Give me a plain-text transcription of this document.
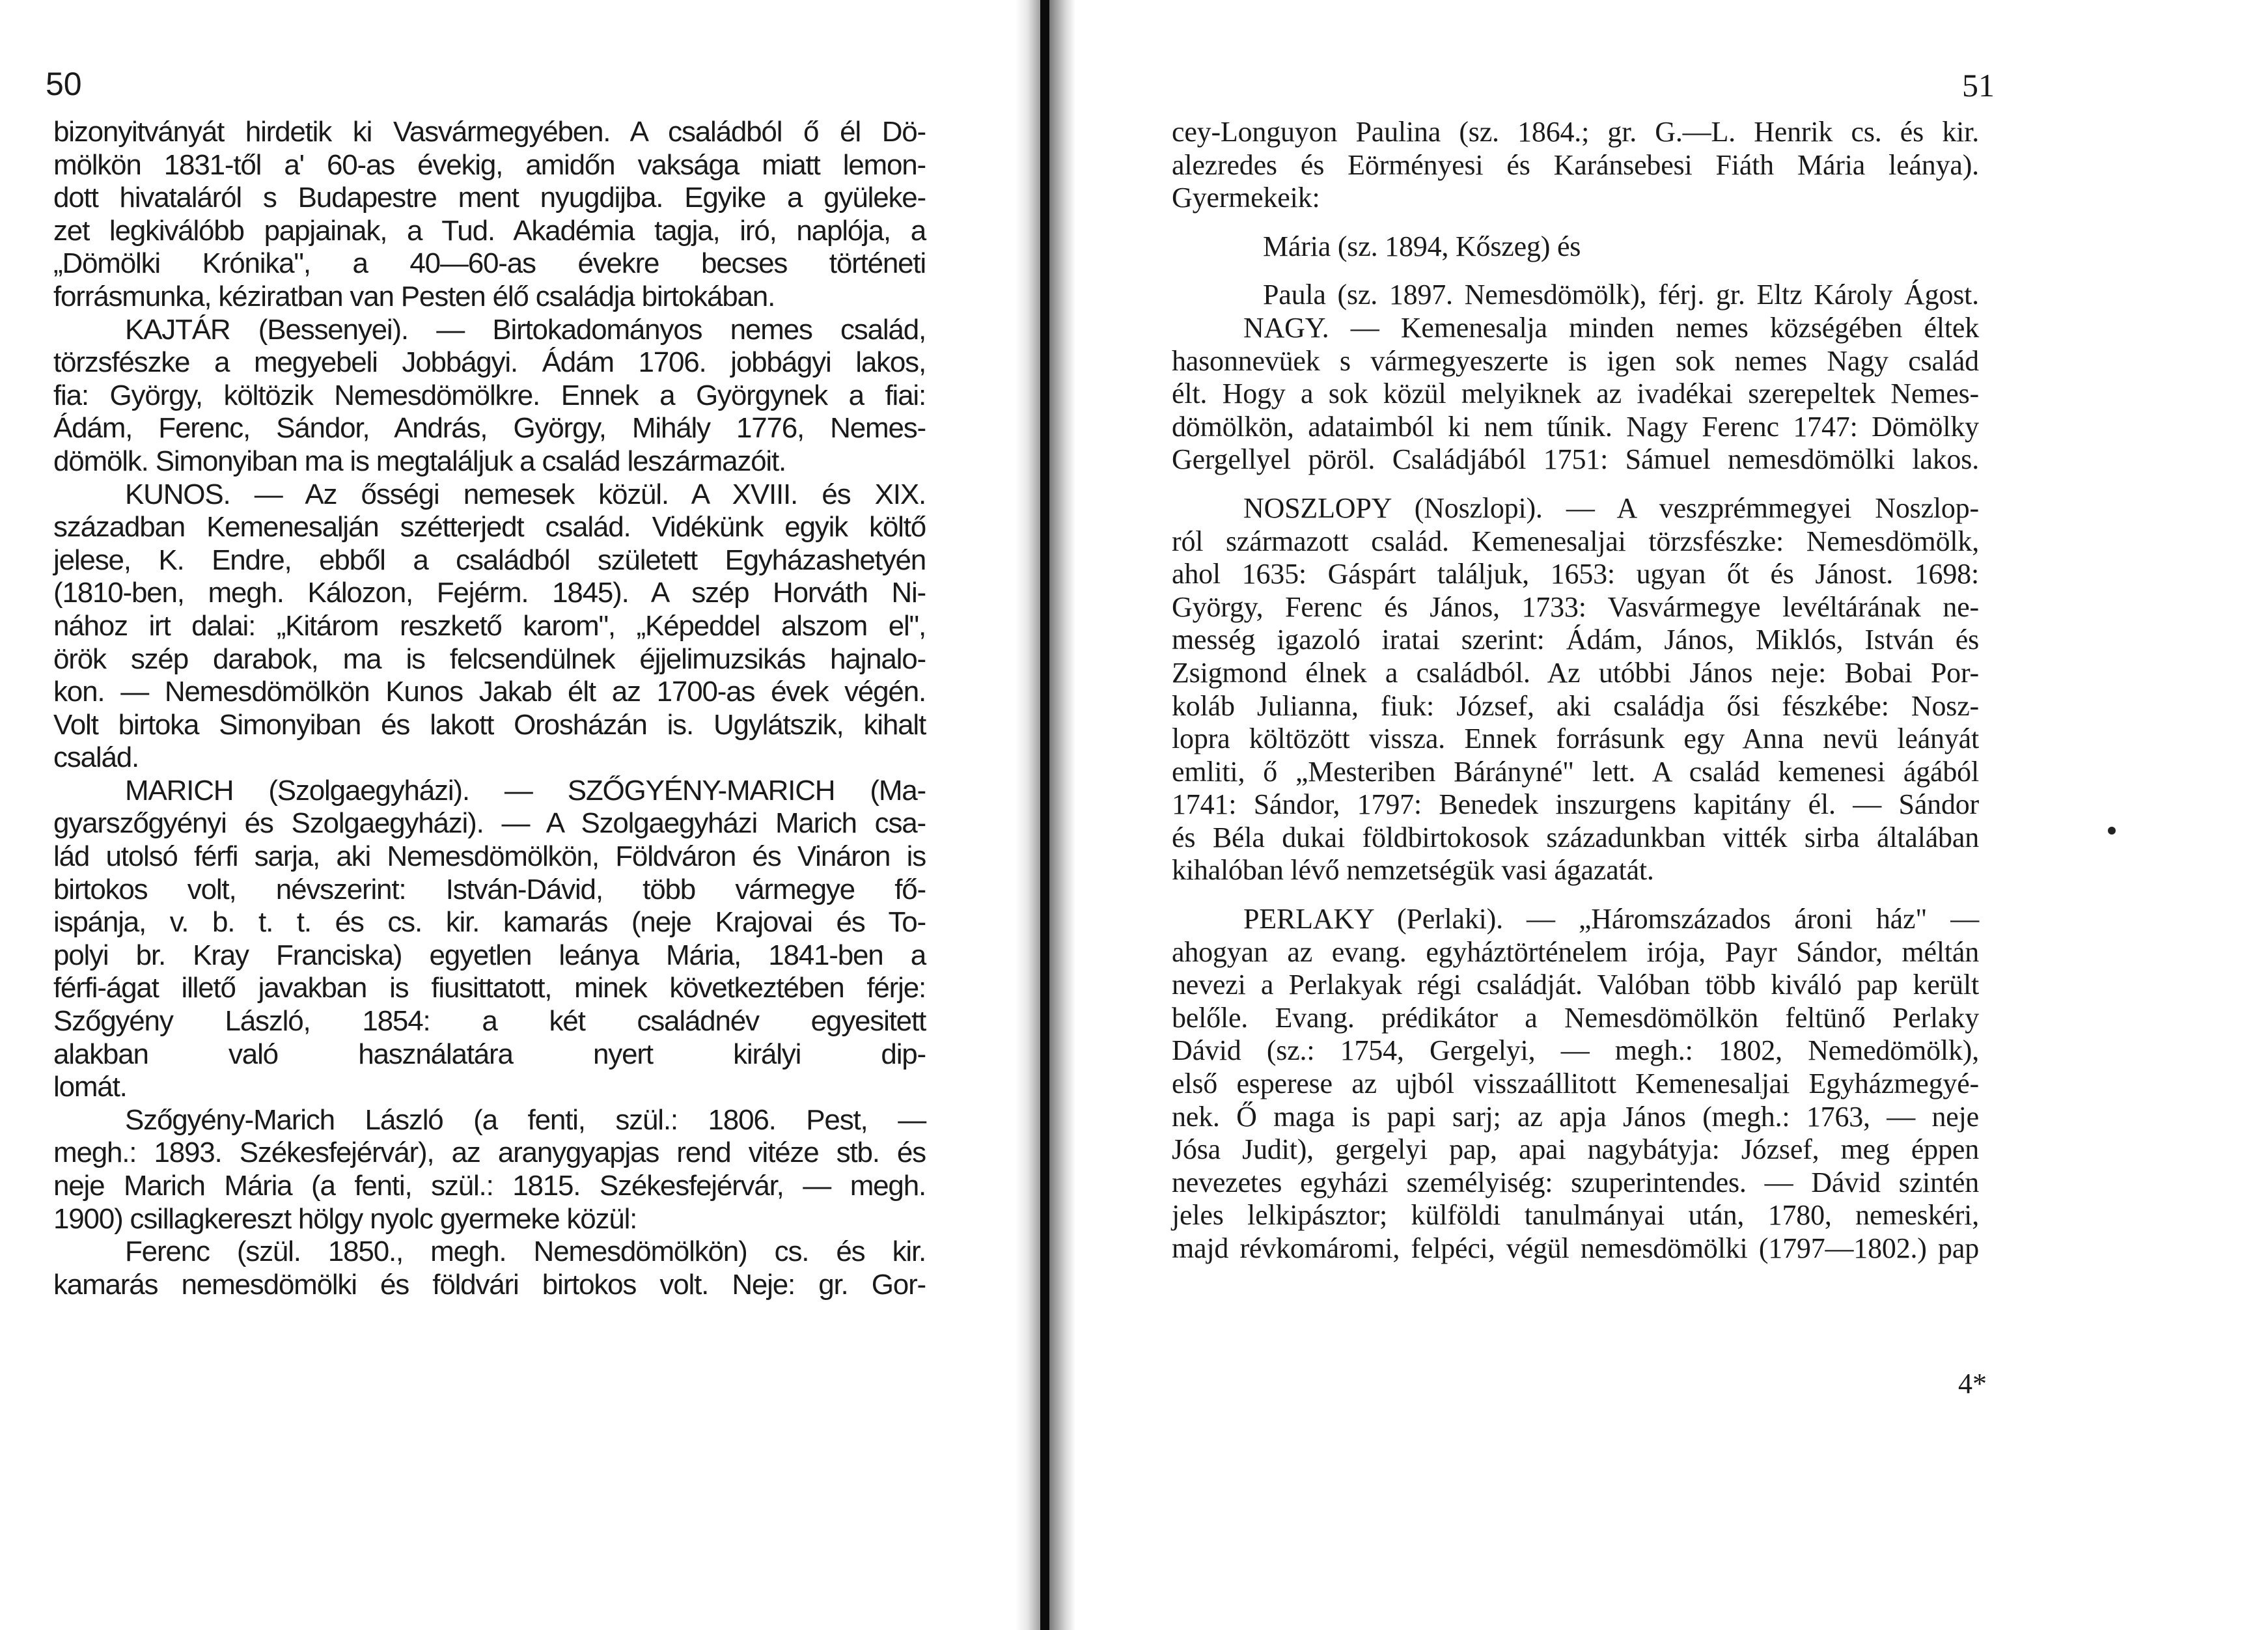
50
bizonyitványát hirdetik ki Vasvármegyében. A családból ő él Dö-
mölkön 1831-től a' 60-as évekig, amidőn vaksága miatt lemon-
dott hivataláról s Budapestre ment nyugdijba. Egyike a gyüleke-
zet legkiválóbb papjainak, a Tud. Akadémia tagja, iró, naplója, a
„Dömölki Krónika", a 40—60-as évekre becses történeti
forrásmunka, kéziratban van Pesten élő családja birtokában.
KAJTÁR (Bessenyei). — Birtokadományos nemes család,
törzsfészke a megyebeli Jobbágyi. Ádám 1706. jobbágyi lakos,
fia: György, költözik Nemesdömölkre. Ennek a Györgynek a fiai:
Ádám, Ferenc, Sándor, András, György, Mihály 1776, Nemes-
dömölk. Simonyiban ma is megtaláljuk a család leszármazóit.
KUNOS. — Az ősségi nemesek közül. A XVIII. és XIX.
században Kemenesalján szétterjedt család. Vidékünk egyik költő
jelese, K. Endre, ebből a családból született Egyházashetyén
(1810-ben, megh. Kálozon, Fejérm. 1845). A szép Horváth Ni-
nához irt dalai: „Kitárom reszkető karom", „Képeddel alszom el",
örök szép darabok, ma is felcsendülnek éjjelimuzsikás hajnalo-
kon. — Nemesdömölkön Kunos Jakab élt az 1700-as évek végén.
Volt birtoka Simonyiban és lakott Orosházán is. Ugylátszik, kihalt
család.
MARICH (Szolgaegyházi). — SZŐGYÉNY-MARICH (Ma-
gyarszőgyényi és Szolgaegyházi). — A Szolgaegyházi Marich csa-
lád utolsó férfi sarja, aki Nemesdömölkön, Földváron és Vináron is
birtokos volt, névszerint: István-Dávid, több vármegye fő-
ispánja, v. b. t. t. és cs. kir. kamarás (neje Krajovai és To-
polyi br. Kray Franciska) egyetlen leánya Mária, 1841-ben a
férfi-ágat illető javakban is fiusittatott, minek következtében férje:
Szőgyény László, 1854: a két családnév egyesitett
alakban való használatára nyert királyi dip-
lomát.
Szőgyény-Marich László (a fenti, szül.: 1806. Pest, —
megh.: 1893. Székesfejérvár), az aranygyapjas rend vitéze stb. és
neje Marich Mária (a fenti, szül.: 1815. Székesfejérvár, — megh.
1900) csillagkereszt hölgy nyolc gyermeke közül:
Ferenc (szül. 1850., megh. Nemesdömölkön) cs. és kir.
kamarás nemesdömölki és földvári birtokos volt. Neje: gr. Gor-
51
cey-Longuyon Paulina (sz. 1864.; gr. G.—L. Henrik cs. és kir.
alezredes és Eörményesi és Karánsebesi Fiáth Mária leánya).
Gyermekeik:
Mária (sz. 1894, Kőszeg) és
Paula (sz. 1897. Nemesdömölk), férj. gr. Eltz Károly Ágost.
NAGY. — Kemenesalja minden nemes községében éltek
hasonnevüek s vármegyeszerte is igen sok nemes Nagy család
élt. Hogy a sok közül melyiknek az ivadékai szerepeltek Nemes-
dömölkön, adataimból ki nem tűnik. Nagy Ferenc 1747: Dömölky
Gergellyel pöröl. Családjából 1751: Sámuel nemesdömölki lakos.
NOSZLOPY (Noszlopi). — A veszprémmegyei Noszlop-
ról származott család. Kemenesaljai törzsfészke: Nemesdömölk,
ahol 1635: Gáspárt találjuk, 1653: ugyan őt és Jánost. 1698:
György, Ferenc és János, 1733: Vasvármegye levéltárának ne-
messég igazoló iratai szerint: Ádám, János, Miklós, István és
Zsigmond élnek a családból. Az utóbbi János neje: Bobai Por-
koláb Julianna, fiuk: József, aki családja ősi fészkébe: Nosz-
lopra költözött vissza. Ennek forrásunk egy Anna nevü leányát
emliti, ő „Mesteriben Bárányné" lett. A család kemenesi ágából
1741: Sándor, 1797: Benedek inszurgens kapitány él. — Sándor
és Béla dukai földbirtokosok századunkban vitték sirba általában
kihalóban lévő nemzetségük vasi ágazatát.
PERLAKY (Perlaki). — „Háromszázados ároni ház" —
ahogyan az evang. egyháztörténelem irója, Payr Sándor, méltán
nevezi a Perlakyak régi családját. Valóban több kiváló pap került
belőle. Evang. prédikátor a Nemesdömölkön feltünő Perlaky
Dávid (sz.: 1754, Gergelyi, — megh.: 1802, Nemedömölk),
első esperese az ujból visszaállitott Kemenesaljai Egyházmegyé-
nek. Ő maga is papi sarj; az apja János (megh.: 1763, — neje
Jósa Judit), gergelyi pap, apai nagybátyja: József, meg éppen
nevezetes egyházi személyiség: szuperintendes. — Dávid szintén
jeles lelkipásztor; külföldi tanulmányai után, 1780, nemeskéri,
majd révkomáromi, felpéci, végül nemesdömölki (1797—1802.) pap
4*
